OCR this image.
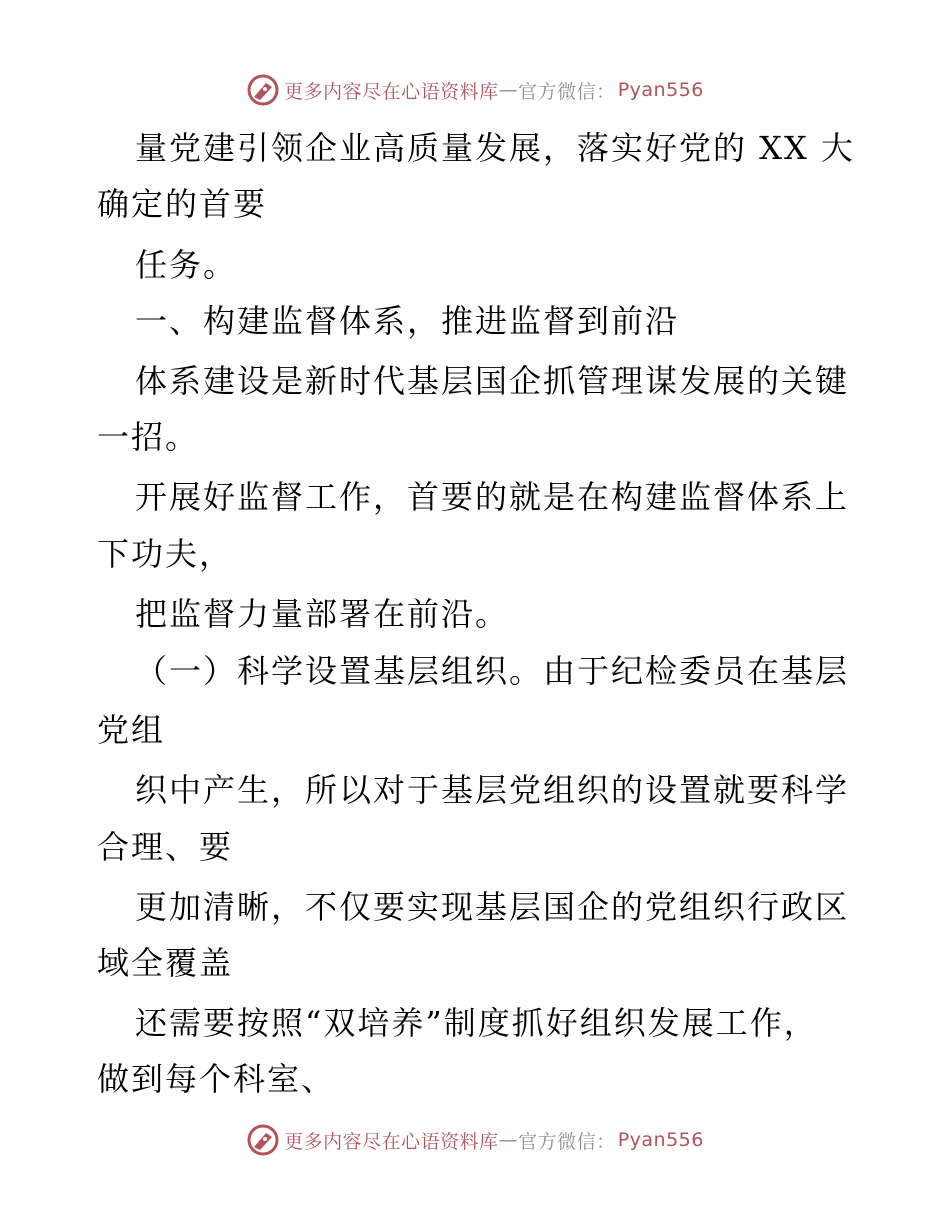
更多内容尽在心语资料库 — 官方微信： Pyan556
量党建引领企业高质量发展，落实好党的 XX 大
确定的首要
任务。
一、构建监督体系，推进监督到前沿
体系建设是新时代基层国企抓管理谋发展的关键
一招。
开展好监督工作，首要的就是在构建监督体系上
下功夫，
把监督力量部署在前沿。
（一）科学设置基层组织。由于纪检委员在基层
党组
织中产生，所以对于基层党组织的设置就要科学
合理、要
更加清晰，不仅要实现基层国企的党组织行政区
域全覆盖
还需要按照“双培养”制度抓好组织发展工作，
做到每个科室、
更多内容尽在心语资料库 — 官方微信： Pyan556
